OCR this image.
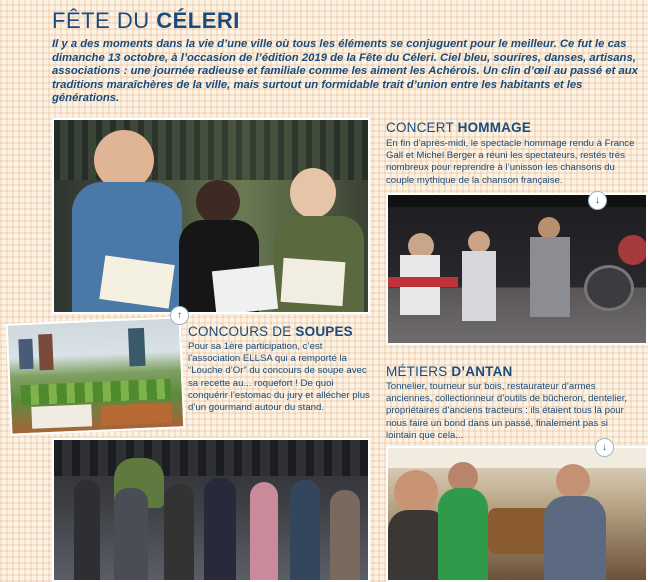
FÊTE DU CÉLERI

Il y a des moments dans la vie d’une ville où tous les éléments se conjuguent pour le meilleur. Ce fut le cas dimanche 13 octobre, à l’occasion de l’édition 2019 de la Fête du Céleri. Ciel bleu, sourires, danses, artisans, associations : une journée radieuse et familiale comme les aiment les Achérois. Un clin d’œil au passé et aux traditions maraîchères de la ville, mais surtout un formidable trait d’union entre les habitants et les générations.

CONCERT HOMMAGE

En fin d’après-midi, le spectacle hommage rendu à France Gall et Michel Berger a réuni les spectateurs, restés très nombreux pour reprendre à l’unisson les chansons du couple mythique de la chanson française.

↓
↑
CONCOURS DE SOUPES

Pour sa 1ère participation, c’est l’association ELLSA qui a remporté la “Louche d’Or” du concours de soupe avec sa recette au... roquefort ! De quoi conquérir l’estomac du jury et allécher plus d’un gourmand autour du stand.

MÉTIERS D’ANTAN

Tonnelier, tourneur sur bois, restaurateur d’armes anciennes, collectionneur d’outils de bûcheron, dentelier, propriétaires d’anciens tracteurs : ils étaient tous là pour nous faire un bond dans un passé, finalement pas si lointain que cela...

↓
